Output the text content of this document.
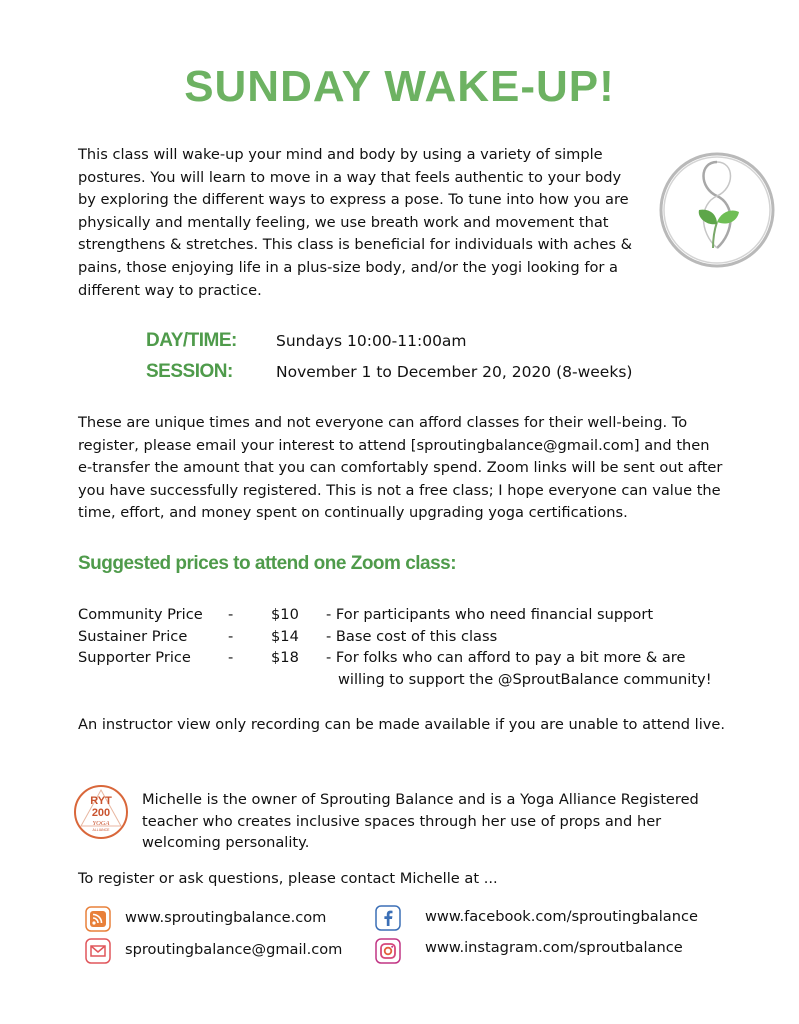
SUNDAY WAKE-UP!
This class will wake-up your mind and body by using a variety of simple postures. You will learn to move in a way that feels authentic to your body by exploring the different ways to express a pose. To tune into how you are physically and mentally feeling, we use breath work and movement that strengthens & stretches. This class is beneficial for individuals with aches & pains, those enjoying life in a plus-size body, and/or the yogi looking for a different way to practice.
DAY/TIME:	Sundays 10:00-11:00am
SESSION:	November 1 to December 20, 2020 (8-weeks)
These are unique times and not everyone can afford classes for their well-being. To register, please email your interest to attend [sproutingbalance@gmail.com] and then e-transfer the amount that you can comfortably spend. Zoom links will be sent out after you have successfully registered. This is not a free class; I hope everyone can value the time, effort, and money spent on continually upgrading yoga certifications.
Suggested prices to attend one Zoom class:
Community Price -	$10 - For participants who need financial support
Sustainer Price	-	$14 - Base cost of this class
Supporter Price	-	$18 - For folks who can afford to pay a bit more & are
willing to support the @SproutBalance community!
An instructor view only recording can be made available if you are unable to attend live.
RYT
200
YOGA
ALLIANCE
Michelle is the owner of Sprouting Balance and is a Yoga Alliance Registered teacher who creates inclusive spaces through her use of props and her welcoming personality.
To register or ask questions, please contact Michelle at ...
www.sproutingbalance.com
sproutingbalance@gmail.com
www.facebook.com/sproutingbalance
www.instagram.com/sproutbalance
